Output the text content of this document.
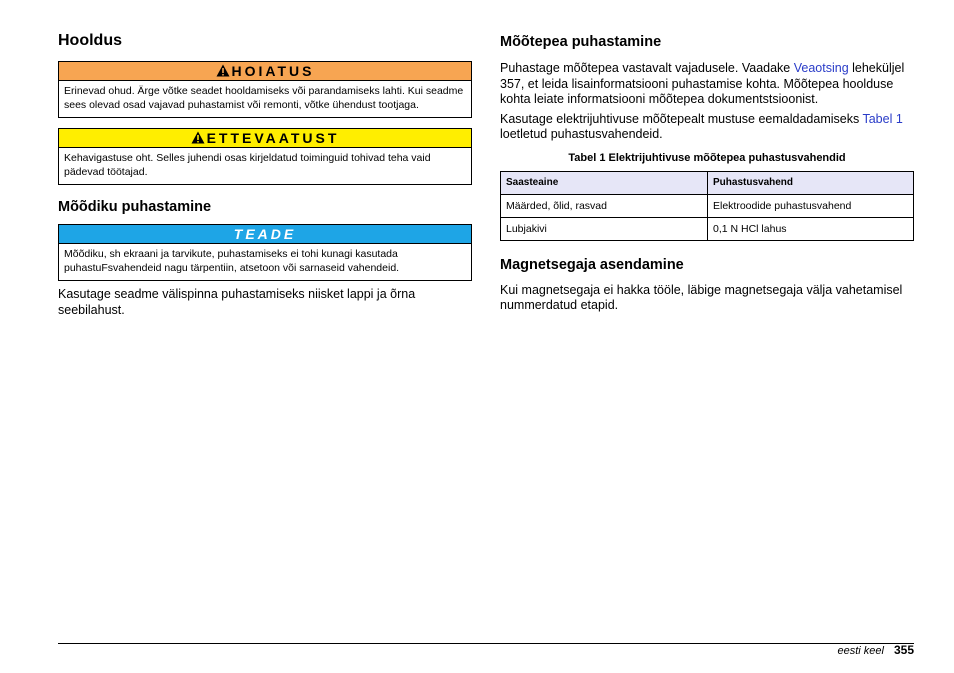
Hooldus
HOIATUS
Erinevad ohud. Ärge võtke seadet hooldamiseks või parandamiseks lahti. Kui seadme sees olevad osad vajavad puhastamist või remonti, võtke ühendust tootjaga.
ETTEVAATUST
Kehavigastuse oht. Selles juhendi osas kirjeldatud toiminguid tohivad teha vaid pädevad töötajad.
Mõõdiku puhastamine
TEADE
Mõõdiku, sh ekraani ja tarvikute, puhastamiseks ei tohi kunagi kasutada puhastuFsvahendeid nagu tärpentiin, atsetoon või sarnaseid vahendeid.

Kasutage seadme välispinna puhastamiseks niisket lappi ja õrna seebilahust.

Mõõtepea puhastamine

Puhastage mõõtepea vastavalt vajadusele. Vaadake Veaotsing leheküljel 357, et leida lisainformatsiooni puhastamise kohta. Mõõtepea hoolduse kohta leiate informatsiooni mõõtepea dokumentstsioonist.

Kasutage elektrijuhtivuse mõõtepealt mustuse eemaldadamiseks Tabel 1 loetletud puhastusvahendeid.

Tabel 1 Elektrijuhtivuse mõõtepea puhastusvahendid

Saasteaine	Puhastusvahend
Määrded, õlid, rasvad	Elektroodide puhastusvahend
Lubjakivi	0,1 N HCl lahus
Magnetsegaja asendamine

Kui magnetsegaja ei hakka tööle, läbige magnetsegaja välja vahetamisel nummerdatud etapid.

eesti keel 355
